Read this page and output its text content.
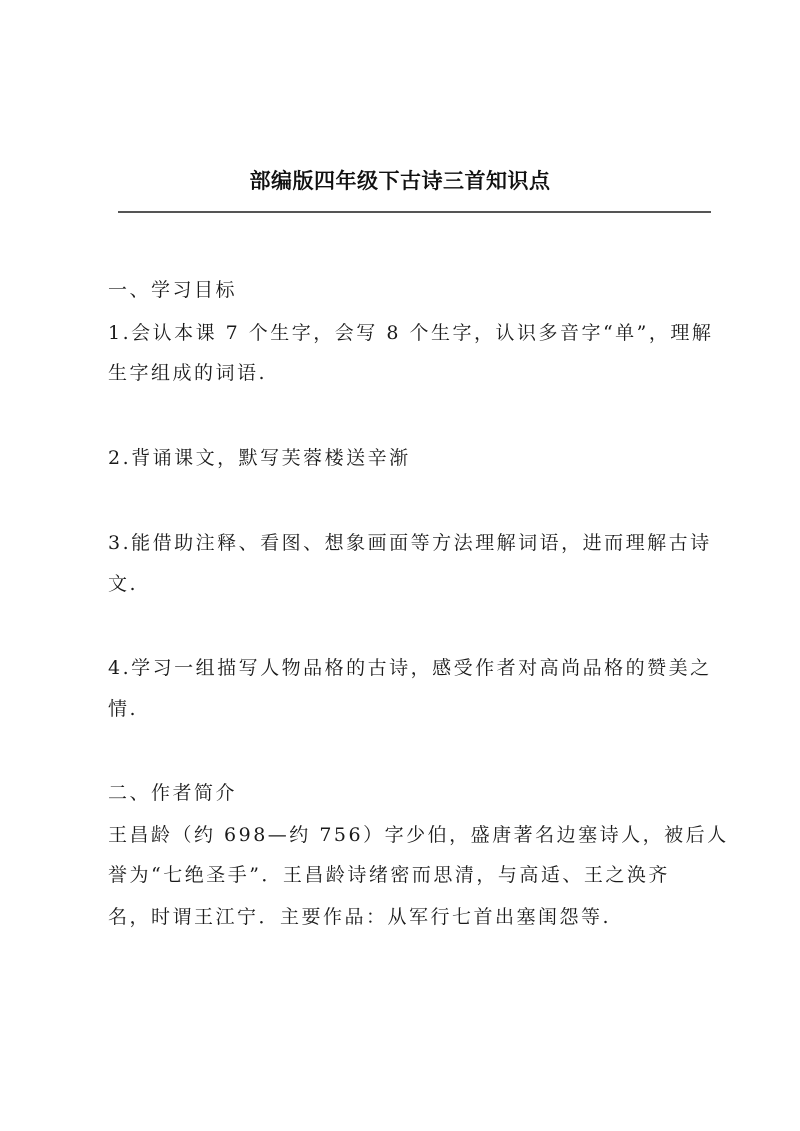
部编版四年级下古诗三首知识点
一、学习目标
1.会认本课 7 个生字，会写 8 个生字，认识多音字“单”，理解
生字组成的词语.
2.背诵课文，默写芙蓉楼送辛渐
3.能借助注释、看图、想象画面等方法理解词语，进而理解古诗
文.
4.学习一组描写人物品格的古诗，感受作者对高尚品格的赞美之
情.
二、作者简介
王昌龄（约 698—约 756）字少伯，盛唐著名边塞诗人，被后人
誉为“七绝圣手”．王昌龄诗绪密而思清，与高适、王之涣齐
名，时谓王江宁．主要作品：从军行七首出塞闺怨等.
